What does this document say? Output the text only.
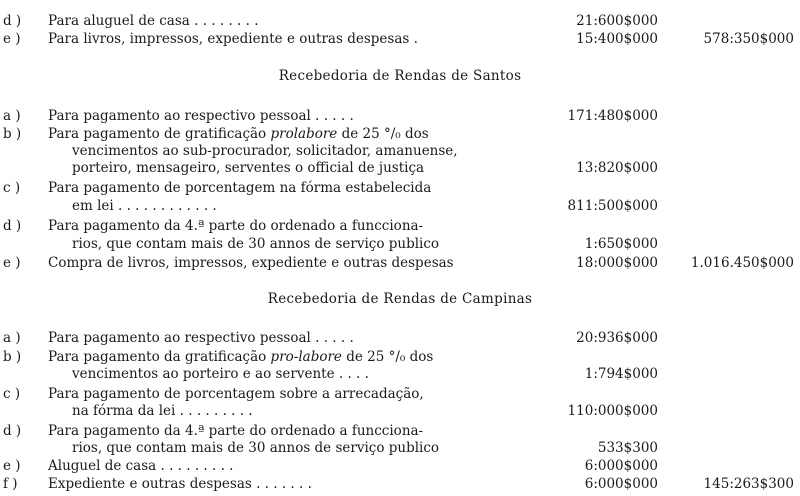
d )	Para aluguel de casa . . . . . . . .	21:600$000
e )	Para livros, impressos, expediente e outras despesas .	15:400$000	578:350$000
Recebedoria de Rendas de Santos
a )	Para pagamento ao respectivo pessoal . . . . .	171:480$000
b )	Para pagamento de gratificação prolabore de 25 °/₀ dos
vencimentos ao sub-procurador, solicitador, amanuense,
porteiro, mensageiro, serventes o official de justiça	13:820$000
c )	Para pagamento de porcentagem na fórma estabelecida
em lei . . . . . . . . . . . .	811:500$000
d )	Para pagamento da 4.ª parte do ordenado a funcciona-
rios, que contam mais de 30 annos de serviço publico	1:650$000
e )	Compra de livros, impressos, expediente e outras despesas	18:000$000	1.016.450$000
Recebedoria de Rendas de Campinas
a )	Para pagamento ao respectivo pessoal . . . . .	20:936$000
b )	Para pagamento da gratificação pro-labore de 25 °/₀ dos
vencimentos ao porteiro e ao servente . . . .	1:794$000
c )	Para pagamento de porcentagem sobre a arrecadação,
na fórma da lei . . . . . . . . .	110:000$000
d )	Para pagamento da 4.ª parte do ordenado a funcciona-
rios, que contam mais de 30 annos de serviço publico	533$300
e )	Aluguel de casa . . . . . . . . .	6:000$000
f )	Expediente e outras despesas . . . . . . .	6:000$000	145:263$300
